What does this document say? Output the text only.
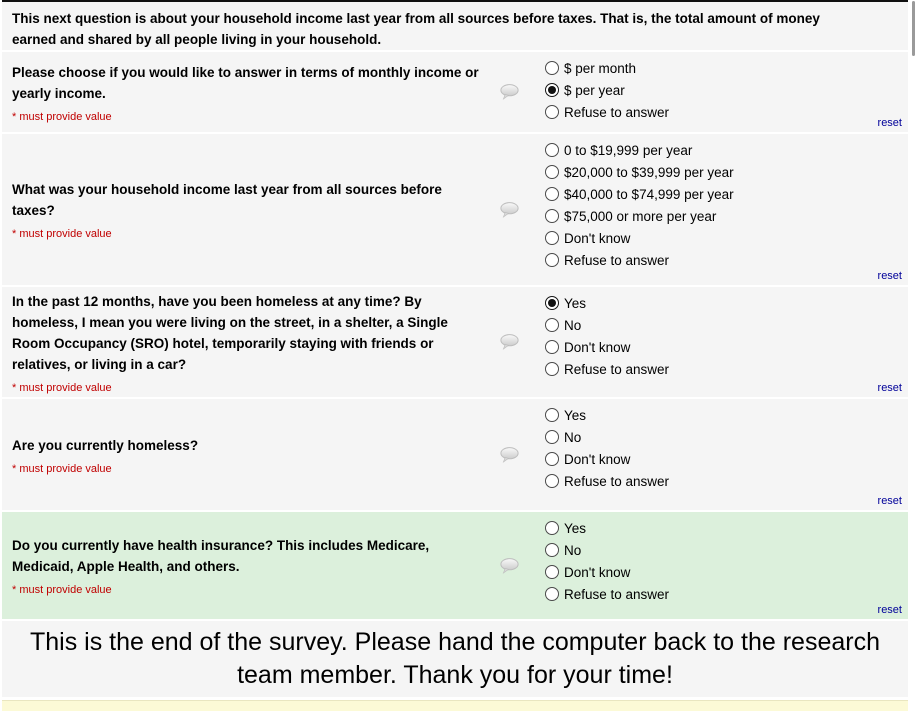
This next question is about your household income last year from all sources before taxes. That is, the total amount of money earned and shared by all people living in your household.
Please choose if you would like to answer in terms of monthly income or yearly income.
* must provide value
$ per month
$ per year
Refuse to answer
reset
What was your household income last year from all sources before taxes?
* must provide value
0 to $19,999 per year
$20,000 to $39,999 per year
$40,000 to $74,999 per year
$75,000 or more per year
Don't know
Refuse to answer
reset
In the past 12 months, have you been homeless at any time? By homeless, I mean you were living on the street, in a shelter, a Single Room Occupancy (SRO) hotel, temporarily staying with friends or relatives, or living in a car?
* must provide value
Yes
No
Don't know
Refuse to answer
reset
Are you currently homeless?
* must provide value
Yes
No
Don't know
Refuse to answer
reset
Do you currently have health insurance? This includes Medicare, Medicaid, Apple Health, and others.
* must provide value
Yes
No
Don't know
Refuse to answer
reset
This is the end of the survey. Please hand the computer back to the research team member. Thank you for your time!
